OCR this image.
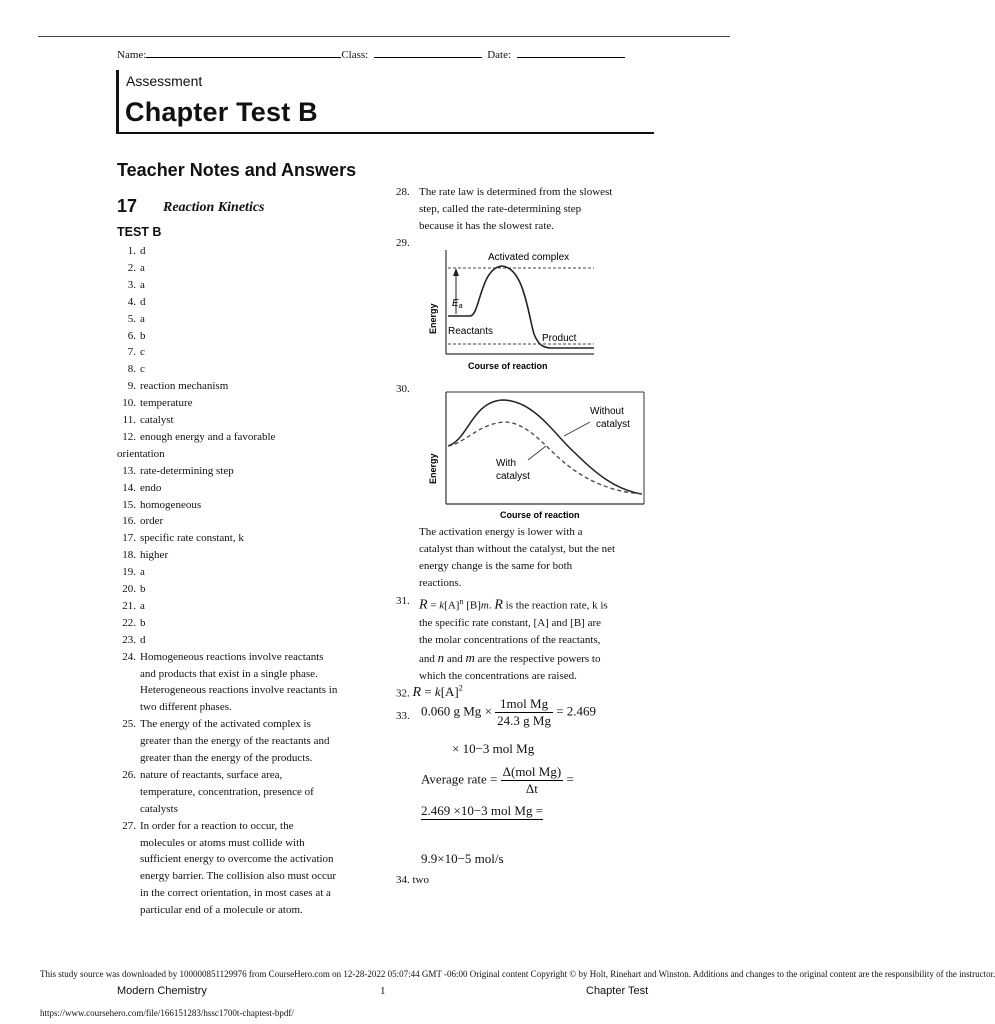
Name:	Class:	Date:
Assessment
Chapter Test B
Teacher Notes and Answers
17 Reaction Kinetics
TEST B
1. d
2. a
3. a
4. d
5. a
6. b
7. c
8. c
9. reaction mechanism
10. temperature
11. catalyst
12. enough energy and a favorable
orientation
13. rate-determining step
14. endo
15. homogeneous
16. order
17. specific rate constant, k
18. higher
19. a
20. b
21. a
22. b
23. d
24. Homogeneous reactions involve reactants
and products that exist in a single phase.
Heterogeneous reactions involve reactants in
two different phases.
25. The energy of the activated complex is
greater than the energy of the reactants and
greater than the energy of the products.
26. nature of reactants, surface area,
temperature, concentration, presence of
catalysts
27. In order for a reaction to occur, the
molecules or atoms must collide with
sufficient energy to overcome the activation
energy barrier. The collision also must occur
in the correct orientation, in most cases at a
particular end of a molecule or atom.
28. The rate law is determined from the slowest
step, called the rate-determining step
because it has the slowest rate.
29.
Activated complex
$E_a$
Reactants
Product
Energy
Course of reaction
30.
Without
catalyst
With
catalyst
Energy
Course of reaction
The activation energy is lower with a
catalyst than without the catalyst, but the net
energy change is the same for both
reactions.
31. $R = k[A]^n$ [B]m. R is the reaction rate, k is
the specific rate constant, [A] and [B] are
the molar concentrations of the reactants,
and n and m are the respective powers to
which the concentrations are raised.
32. $R = k[A]^2$
33. 0.060 g $Mg \times \frac{\text{1mol Mg}}{\text{24.3 g Mg}} = 2.469$
× 10−3 mol Mg
Average rate = $\frac{\text{Δ(mol Mg)}}{\Delta t}$ =
2.469 ×10−3 mol Mg =
9.9×10−5 mol/s
34. two
This study source was downloaded by 100000851129976 from CourseHero.com on 12-28-2022 05:07:44 GMT -06:00 Original content Copyright © by Holt, Rinehart and Winston. Additions and changes to the original content are the responsibility of the instructor.
Modern Chemistry	1	Chapter Test
https://www.coursehero.com/file/166151283/hssc1700t-chaptest-bpdf/
